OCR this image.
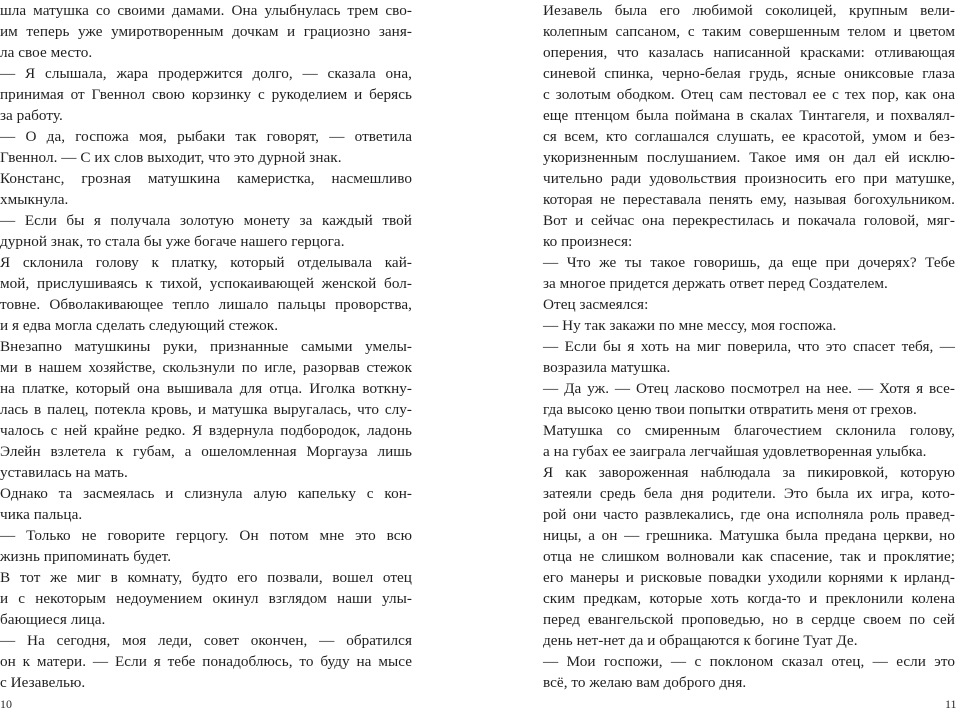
шла матушка со своими дамами. Она улыбнулась трем сво-
им теперь уже умиротворенным дочкам и грациозно заня-
ла свое место.
— Я слышала, жара продержится долго, — сказала она,
принимая от Гвеннол свою корзинку с рукоделием и берясь
за работу.
— О да, госпожа моя, рыбаки так говорят, — ответила
Гвеннол. — С их слов выходит, что это дурной знак.
Констанс, грозная матушкина камеристка, насмешливо
хмыкнула.
— Если бы я получала золотую монету за каждый твой
дурной знак, то стала бы уже богаче нашего герцога.
Я склонила голову к платку, который отделывала кай-
мой, прислушиваясь к тихой, успокаивающей женской бол-
товне. Обволакивающее тепло лишало пальцы проворства,
и я едва могла сделать следующий стежок.
Внезапно матушкины руки, признанные самыми умелы-
ми в нашем хозяйстве, скользнули по игле, разорвав стежок
на платке, который она вышивала для отца. Иголка воткну-
лась в палец, потекла кровь, и матушка выругалась, что слу-
чалось с ней крайне редко. Я вздернула подбородок, ладонь
Элейн взлетела к губам, а ошеломленная Моргауза лишь
уставилась на мать.
Однако та засмеялась и слизнула алую капельку с кон-
чика пальца.
— Только не говорите герцогу. Он потом мне это всю
жизнь припоминать будет.
В тот же миг в комнату, будто его позвали, вошел отец
и с некоторым недоумением окинул взглядом наши улы-
бающиеся лица.
— На сегодня, моя леди, совет окончен, — обратился
он к матери. — Если я тебе понадоблюсь, то буду на мысе
с Иезавелью.
Иезавель была его любимой соколицей, крупным вели-
колепным сапсаном, с таким совершенным телом и цветом
оперения, что казалась написанной красками: отливающая
синевой спинка, черно-белая грудь, ясные ониксовые глаза
с золотым ободком. Отец сам пестовал ее с тех пор, как она
еще птенцом была поймана в скалах Тинтагеля, и похвалял-
ся всем, кто соглашался слушать, ее красотой, умом и без-
укоризненным послушанием. Такое имя он дал ей исклю-
чительно ради удовольствия произносить его при матушке,
которая не переставала пенять ему, называя богохульником.
Вот и сейчас она перекрестилась и покачала головой, мяг-
ко произнеся:
— Что же ты такое говоришь, да еще при дочерях? Тебе
за многое придется держать ответ перед Создателем.
Отец засмеялся:
— Ну так закажи по мне мессу, моя госпожа.
— Если бы я хоть на миг поверила, что это спасет тебя, —
возразила матушка.
— Да уж. — Отец ласково посмотрел на нее. — Хотя я все-
гда высоко ценю твои попытки отвратить меня от грехов.
Матушка со смиренным благочестием склонила голову,
а на губах ее заиграла легчайшая удовлетворенная улыбка.
Я как завороженная наблюдала за пикировкой, которую
затеяли средь бела дня родители. Это была их игра, кото-
рой они часто развлекались, где она исполняла роль правед-
ницы, а он — грешника. Матушка была предана церкви, но
отца не слишком волновали как спасение, так и проклятие;
его манеры и рисковые повадки уходили корнями к ирланд-
ским предкам, которые хоть когда-то и преклонили колена
перед евангельской проповедью, но в сердце своем по сей
день нет-нет да и обращаются к богине Туат Де.
— Мои госпожи, — с поклоном сказал отец, — если это
всё, то желаю вам доброго дня.
10	11
